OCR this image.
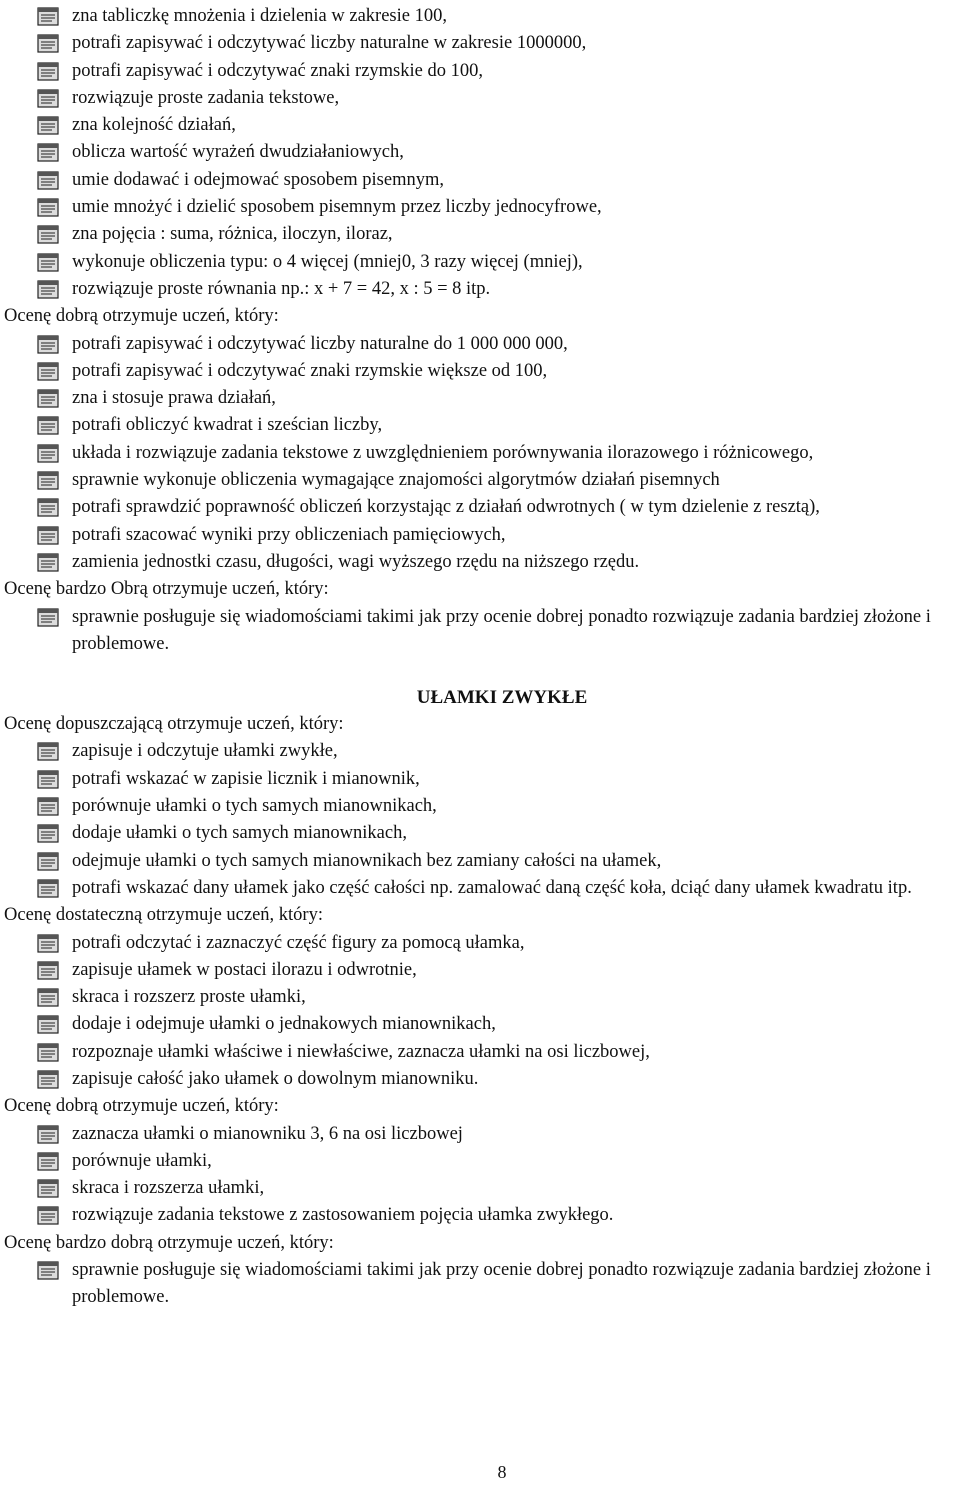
zna tabliczkę mnożenia i dzielenia w zakresie 100,
potrafi zapisywać i odczytywać liczby naturalne w zakresie 1000000,
potrafi zapisywać i odczytywać znaki rzymskie do 100,
rozwiązuje proste zadania tekstowe,
zna kolejność działań,
oblicza wartość wyrażeń dwudziałaniowych,
umie dodawać i odejmować sposobem pisemnym,
umie mnożyć i dzielić sposobem pisemnym przez liczby jednocyfrowe,
zna pojęcia : suma, różnica, iloczyn, iloraz,
wykonuje obliczenia typu: o 4 więcej (mniej0, 3 razy więcej (mniej),
rozwiązuje proste równania np.: x + 7 = 42, x : 5 = 8 itp.
Ocenę dobrą otrzymuje uczeń, który:
potrafi zapisywać i odczytywać liczby naturalne do 1 000 000 000,
potrafi zapisywać i odczytywać znaki rzymskie większe od 100,
zna i stosuje prawa działań,
potrafi obliczyć kwadrat i sześcian liczby,
układa i rozwiązuje zadania tekstowe z uwzględnieniem porównywania ilorazowego i różnicowego,
sprawnie wykonuje obliczenia wymagające znajomości algorytmów działań pisemnych
potrafi sprawdzić poprawność obliczeń korzystając z działań odwrotnych ( w tym dzielenie z resztą),
potrafi szacować wyniki przy obliczeniach pamięciowych,
zamienia jednostki czasu, długości, wagi wyższego rzędu na niższego rzędu.
Ocenę bardzo Obrą otrzymuje uczeń, który:
sprawnie posługuje się wiadomościami takimi jak przy ocenie dobrej ponadto rozwiązuje zadania bardziej złożone i problemowe.
UŁAMKI ZWYKŁE
Ocenę dopuszczającą otrzymuje uczeń, który:
zapisuje i odczytuje ułamki zwykłe,
potrafi wskazać w zapisie licznik i mianownik,
porównuje ułamki o tych samych mianownikach,
dodaje ułamki o tych samych mianownikach,
odejmuje ułamki o tych samych mianownikach bez zamiany całości na ułamek,
potrafi wskazać dany ułamek jako część całości np. zamalować daną część koła, dciąć dany ułamek kwadratu itp.
Ocenę dostateczną otrzymuje uczeń, który:
potrafi odczytać i zaznaczyć część figury za pomocą ułamka,
zapisuje ułamek w postaci ilorazu i odwrotnie,
skraca i rozszerz proste ułamki,
dodaje i odejmuje ułamki o jednakowych mianownikach,
rozpoznaje ułamki właściwe i niewłaściwe, zaznacza ułamki na osi liczbowej,
zapisuje całość jako ułamek o dowolnym mianowniku.
Ocenę dobrą otrzymuje uczeń, który:
zaznacza ułamki o mianowniku 3, 6 na osi liczbowej
porównuje ułamki,
skraca i rozszerza ułamki,
rozwiązuje zadania tekstowe z zastosowaniem pojęcia ułamka zwykłego.
Ocenę bardzo dobrą otrzymuje uczeń, który:
sprawnie posługuje się wiadomościami takimi jak przy ocenie dobrej ponadto rozwiązuje zadania bardziej złożone i problemowe.
8
